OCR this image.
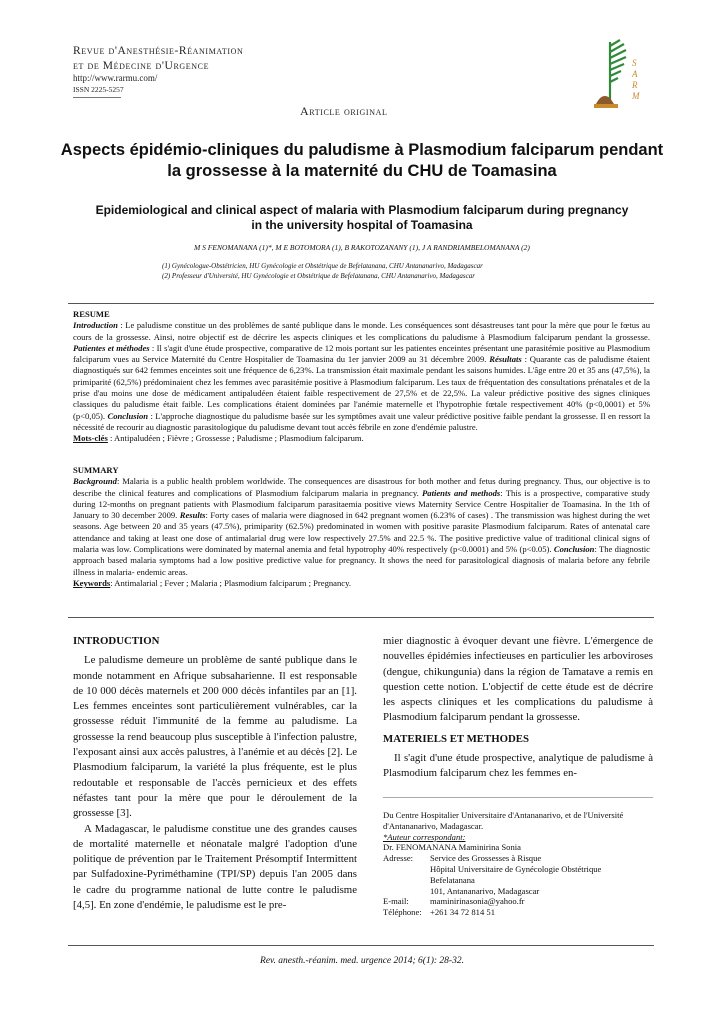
Revue d'Anesthésie-Réanimation
et de Médecine d'Urgence
http://www.rarmu.com/
ISSN 2225-5257
S
A
R
M
Article original
Aspects épidémio-cliniques du paludisme à Plasmodium falciparum pendant la grossesse à la maternité du CHU de Toamasina
Epidemiological and clinical aspect of malaria with Plasmodium falciparum during pregnancy in the university hospital of Toamasina
M S FENOMANANA (1)*, M E BOTOMORA (1), B RAKOTOZANANY (1), J A RANDRIAMBELOMANANA (2)
(1) Gynécologue-Obstétricien, HU Gynécologie et Obstétrique de Befelatanana, CHU Antananarivo, Madagascar
(2) Professeur d'Université, HU Gynécologie et Obstétrique de Befelatanana, CHU Antananarivo, Madagascar
RESUME

Introduction : Le paludisme constitue un des problèmes de santé publique dans le monde. Les conséquences sont désastreuses tant pour la mère que pour le fœtus au cours de la grossesse. Ainsi, notre objectif est de décrire les aspects cliniques et les complications du paludisme à Plasmodium falciparum pendant la grossesse. Patientes et méthodes : Il s'agit d'une étude prospective, comparative de 12 mois portant sur les patientes enceintes présentant une parasitémie positive au Plasmodium falciparum vues au Service Maternité du Centre Hospitalier de Toamasina du 1er janvier 2009 au 31 décembre 2009. Résultats : Quarante cas de paludisme étaient diagnostiqués sur 642 femmes enceintes soit une fréquence de 6,23%. La transmission était maximale pendant les saisons humides. L'âge entre 20 et 35 ans (47,5%), la primiparité (62,5%) prédominaient chez les femmes avec parasitémie positive à Plasmodium falciparum. Les taux de fréquentation des consultations prénatales et de la prise d'au moins une dose de médicament antipaludéen étaient faible respectivement de 27,5% et de 22,5%. La valeur prédictive positive des signes cliniques classiques du paludisme était faible. Les complications étaient dominées par l'anémie maternelle et l'hypotrophie fœtale respectivement 40% (p<0,0001) et 5% (p<0,05). Conclusion : L'approche diagnostique du paludisme basée sur les symptômes avait une valeur prédictive positive faible pendant la grossesse. Il en ressort la nécessité de recourir au diagnostic parasitologique du paludisme devant tout accès fébrile en zone d'endémie palustre.

Mots-clés : Antipaludéen ; Fièvre ; Grossesse ; Paludisme ; Plasmodium falciparum.

SUMMARY

Background: Malaria is a public health problem worldwide. The consequences are disastrous for both mother and fetus during pregnancy. Thus, our objective is to describe the clinical features and complications of Plasmodium falciparum malaria in pregnancy. Patients and methods: This is a prospective, comparative study during 12-months on pregnant patients with Plasmodium falciparum parasitaemia positive views Maternity Service Centre Hospitalier de Toamasina. In the 1th of January to 30 december 2009. Results: Forty cases of malaria were diagnosed in 642 pregnant women (6.23% of cases) . The transmission was highest during the wet seasons. Age between 20 and 35 years (47.5%), primiparity (62.5%) predominated in women with positive parasite Plasmodium falciparum. Rates of antenatal care attendance and taking at least one dose of antimalarial drug were low respectively 27.5% and 22.5 %. The positive predictive value of traditional clinical signs of malaria was low. Complications were dominated by maternal anemia and fetal hypotrophy 40% respectively (p<0.0001) and 5% (p<0.05). Conclusion: The diagnostic approach based malaria symptoms had a low positive predictive value for pregnancy. It shows the need for parasitological diagnosis of malaria before any febrile illness in malaria- endemic areas.

Keywords: Antimalarial ; Fever ; Malaria ; Plasmodium falciparum ; Pregnancy.

INTRODUCTION

Le paludisme demeure un problème de santé publique dans le monde notamment en Afrique subsaharienne. Il est responsable de 10 000 décès maternels et 200 000 décès infantiles par an [1]. Les femmes enceintes sont particulièrement vulnérables, car la grossesse réduit l'immunité de la femme au paludisme. La grossesse la rend beaucoup plus susceptible à l'infection palustre, l'exposant ainsi aux accès palustres, à l'anémie et au décès [2]. Le Plasmodium falciparum, la variété la plus fréquente, est le plus redoutable et responsable de l'accès pernicieux et des effets néfastes tant pour la mère que pour le déroulement de la grossesse [3].

A Madagascar, le paludisme constitue une des grandes causes de mortalité maternelle et néonatale malgré l'adoption d'une politique de prévention par le Traitement Présomptif Intermittent par Sulfadoxine-Pyriméthamine (TPI/SP) depuis l'an 2005 dans le cadre du programme national de lutte contre le paludisme [4,5]. En zone d'endémie, le paludisme est le pre-

mier diagnostic à évoquer devant une fièvre. L'émergence de nouvelles épidémies infectieuses en particulier les arboviroses (dengue, chikungunia) dans la région de Tamatave a remis en question cette notion. L'objectif de cette étude est de décrire les aspects cliniques et les complications du paludisme à Plasmodium falciparum pendant la grossesse.

MATERIELS ET METHODES

Il s'agit d'une étude prospective, analytique de paludisme à Plasmodium falciparum chez les femmes en-

Du Centre Hospitalier Universitaire d'Antananarivo, et de l'Université d'Antananarivo, Madagascar.
*Auteur correspondant:
Dr. FENOMANANA Maminirina Sonia
Adresse:	Service des Grossesses à Risque
Hôpital Universitaire de Gynécologie Obstétrique
Befelatanana
101, Antananarivo, Madagascar
E-mail:	maminirinasonia@yahoo.fr
Téléphone: +261 34 72 814 51
Rev. anesth.-réanim. med. urgence 2014; 6(1): 28-32.
